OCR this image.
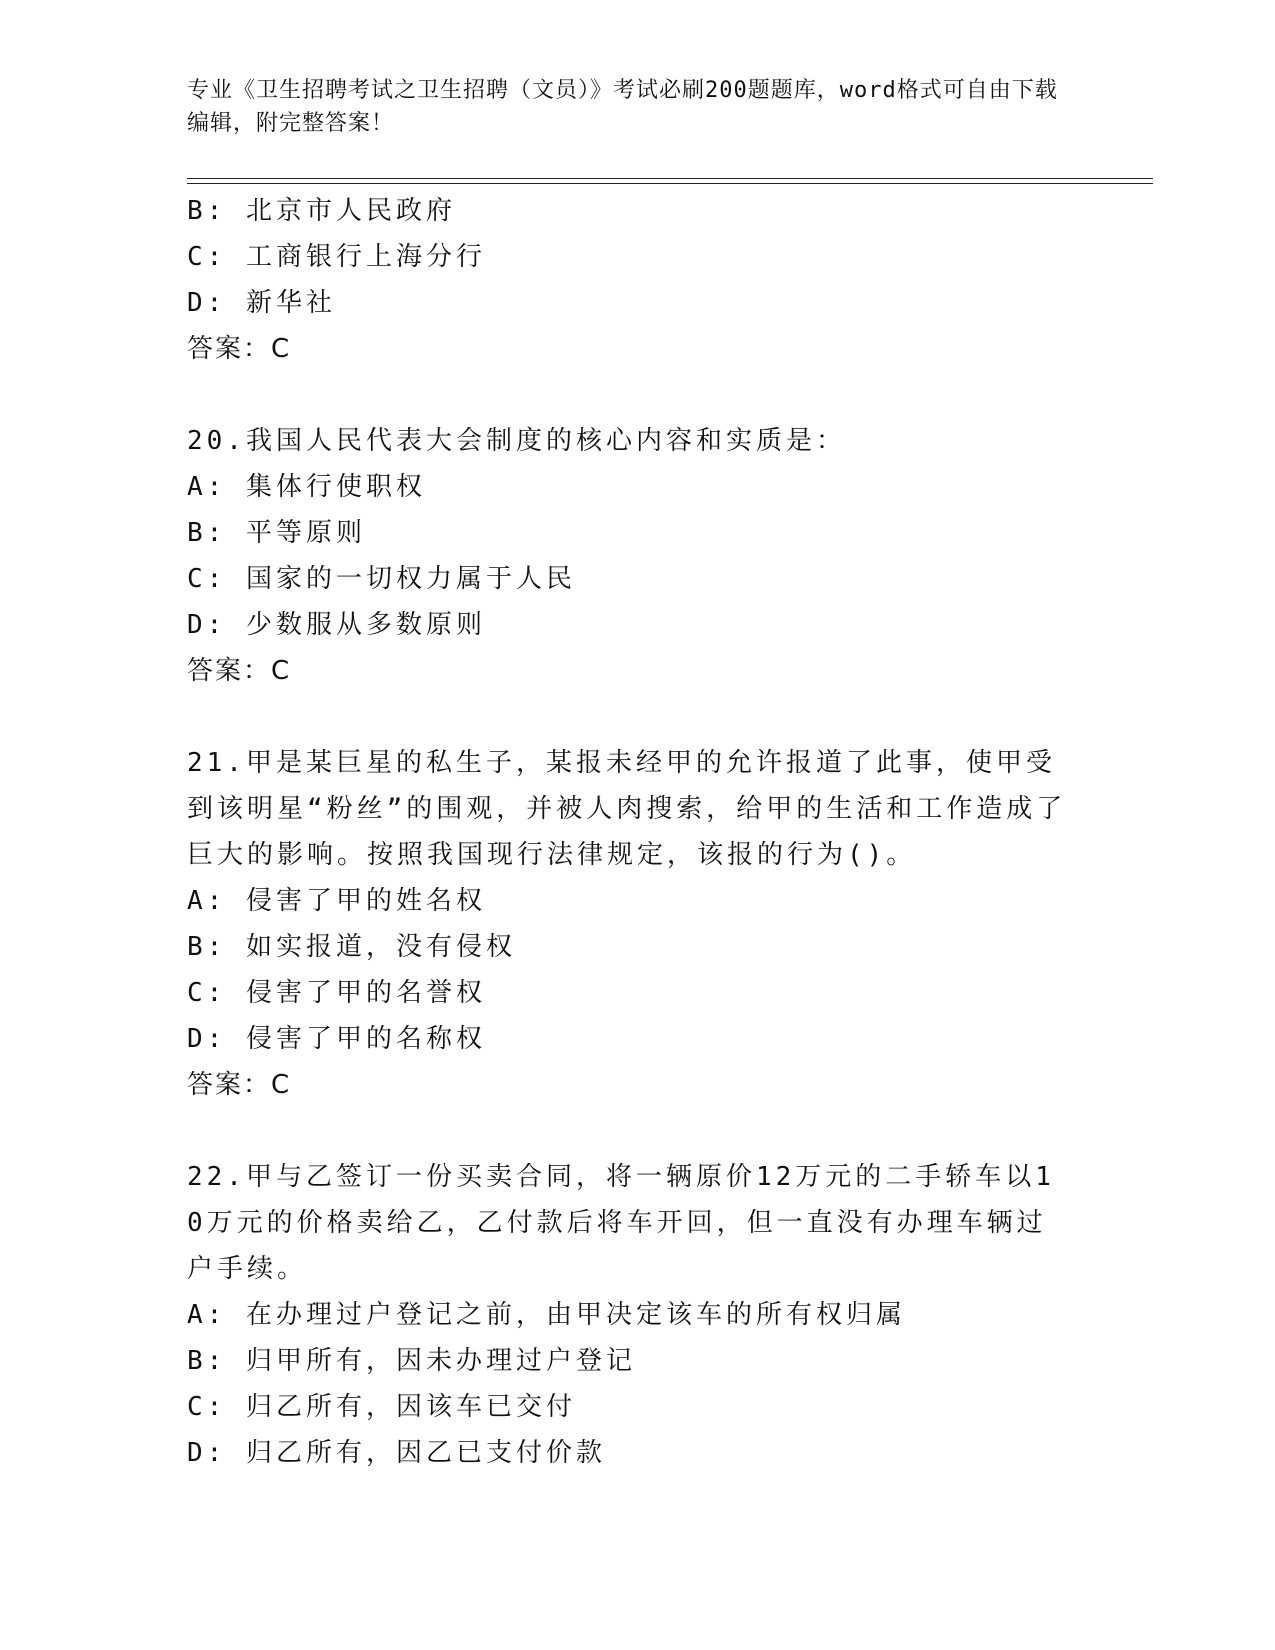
专业《卫生招聘考试之卫生招聘（文员）》考试必刷200题题库，word格式可自由下载编辑，附完整答案！

B: 北京市人民政府

C: 工商银行上海分行

D: 新华社

答案：C

20.我国人民代表大会制度的核心内容和实质是：

A: 集体行使职权

B: 平等原则

C: 国家的一切权力属于人民

D: 少数服从多数原则

答案：C

21.甲是某巨星的私生子，某报未经甲的允许报道了此事，使甲受到该明星“粉丝”的围观，并被人肉搜索，给甲的生活和工作造成了巨大的影响。按照我国现行法律规定，该报的行为()。

A: 侵害了甲的姓名权

B: 如实报道，没有侵权

C: 侵害了甲的名誉权

D: 侵害了甲的名称权

答案：C

22.甲与乙签订一份买卖合同，将一辆原价12万元的二手轿车以10万元的价格卖给乙，乙付款后将车开回，但一直没有办理车辆过户手续。

A: 在办理过户登记之前，由甲决定该车的所有权归属

B: 归甲所有，因未办理过户登记

C: 归乙所有，因该车已交付

D: 归乙所有，因乙已支付价款
